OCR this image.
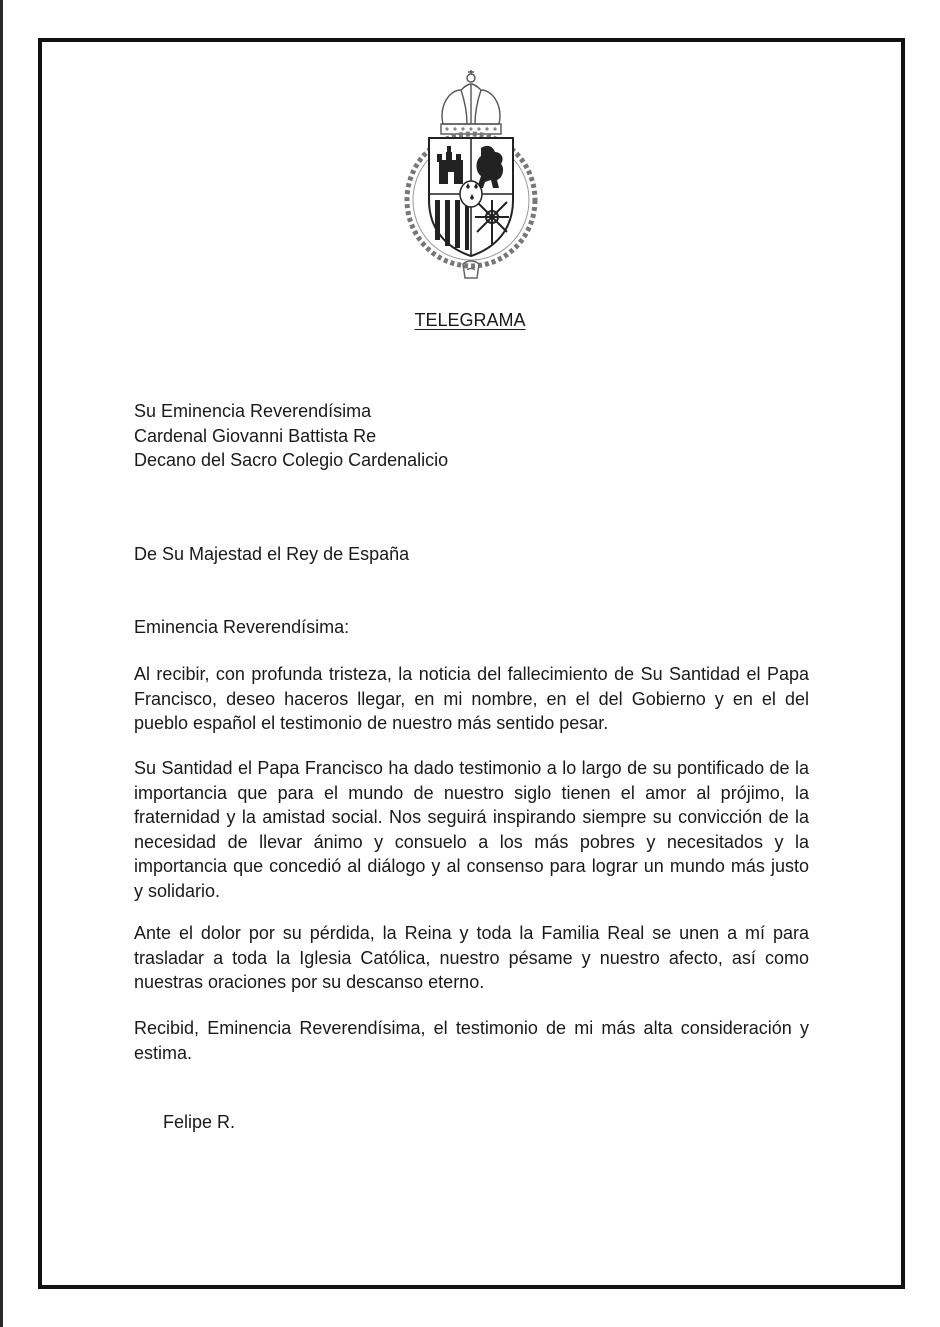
TELEGRAMA
Su Eminencia Reverendísima
Cardenal Giovanni Battista Re
Decano del Sacro Colegio Cardenalicio
De Su Majestad el Rey de España
Eminencia Reverendísima:
Al recibir, con profunda tristeza, la noticia del fallecimiento de Su Santidad el Papa Francisco, deseo haceros llegar, en mi nombre, en el del Gobierno y en el del pueblo español el testimonio de nuestro más sentido pesar.
Su Santidad el Papa Francisco ha dado testimonio a lo largo de su pontificado de la importancia que para el mundo de nuestro siglo tienen el amor al prójimo, la fraternidad y la amistad social. Nos seguirá inspirando siempre su convicción de la necesidad de llevar ánimo y consuelo a los más pobres y necesitados y la importancia que concedió al diálogo y al consenso para lograr un mundo más justo y solidario.
Ante el dolor por su pérdida, la Reina y toda la Familia Real se unen a mí para trasladar a toda la Iglesia Católica, nuestro pésame y nuestro afecto, así como nuestras oraciones por su descanso eterno.
Recibid, Eminencia Reverendísima, el testimonio de mi más alta consideración y estima.
Felipe R.
